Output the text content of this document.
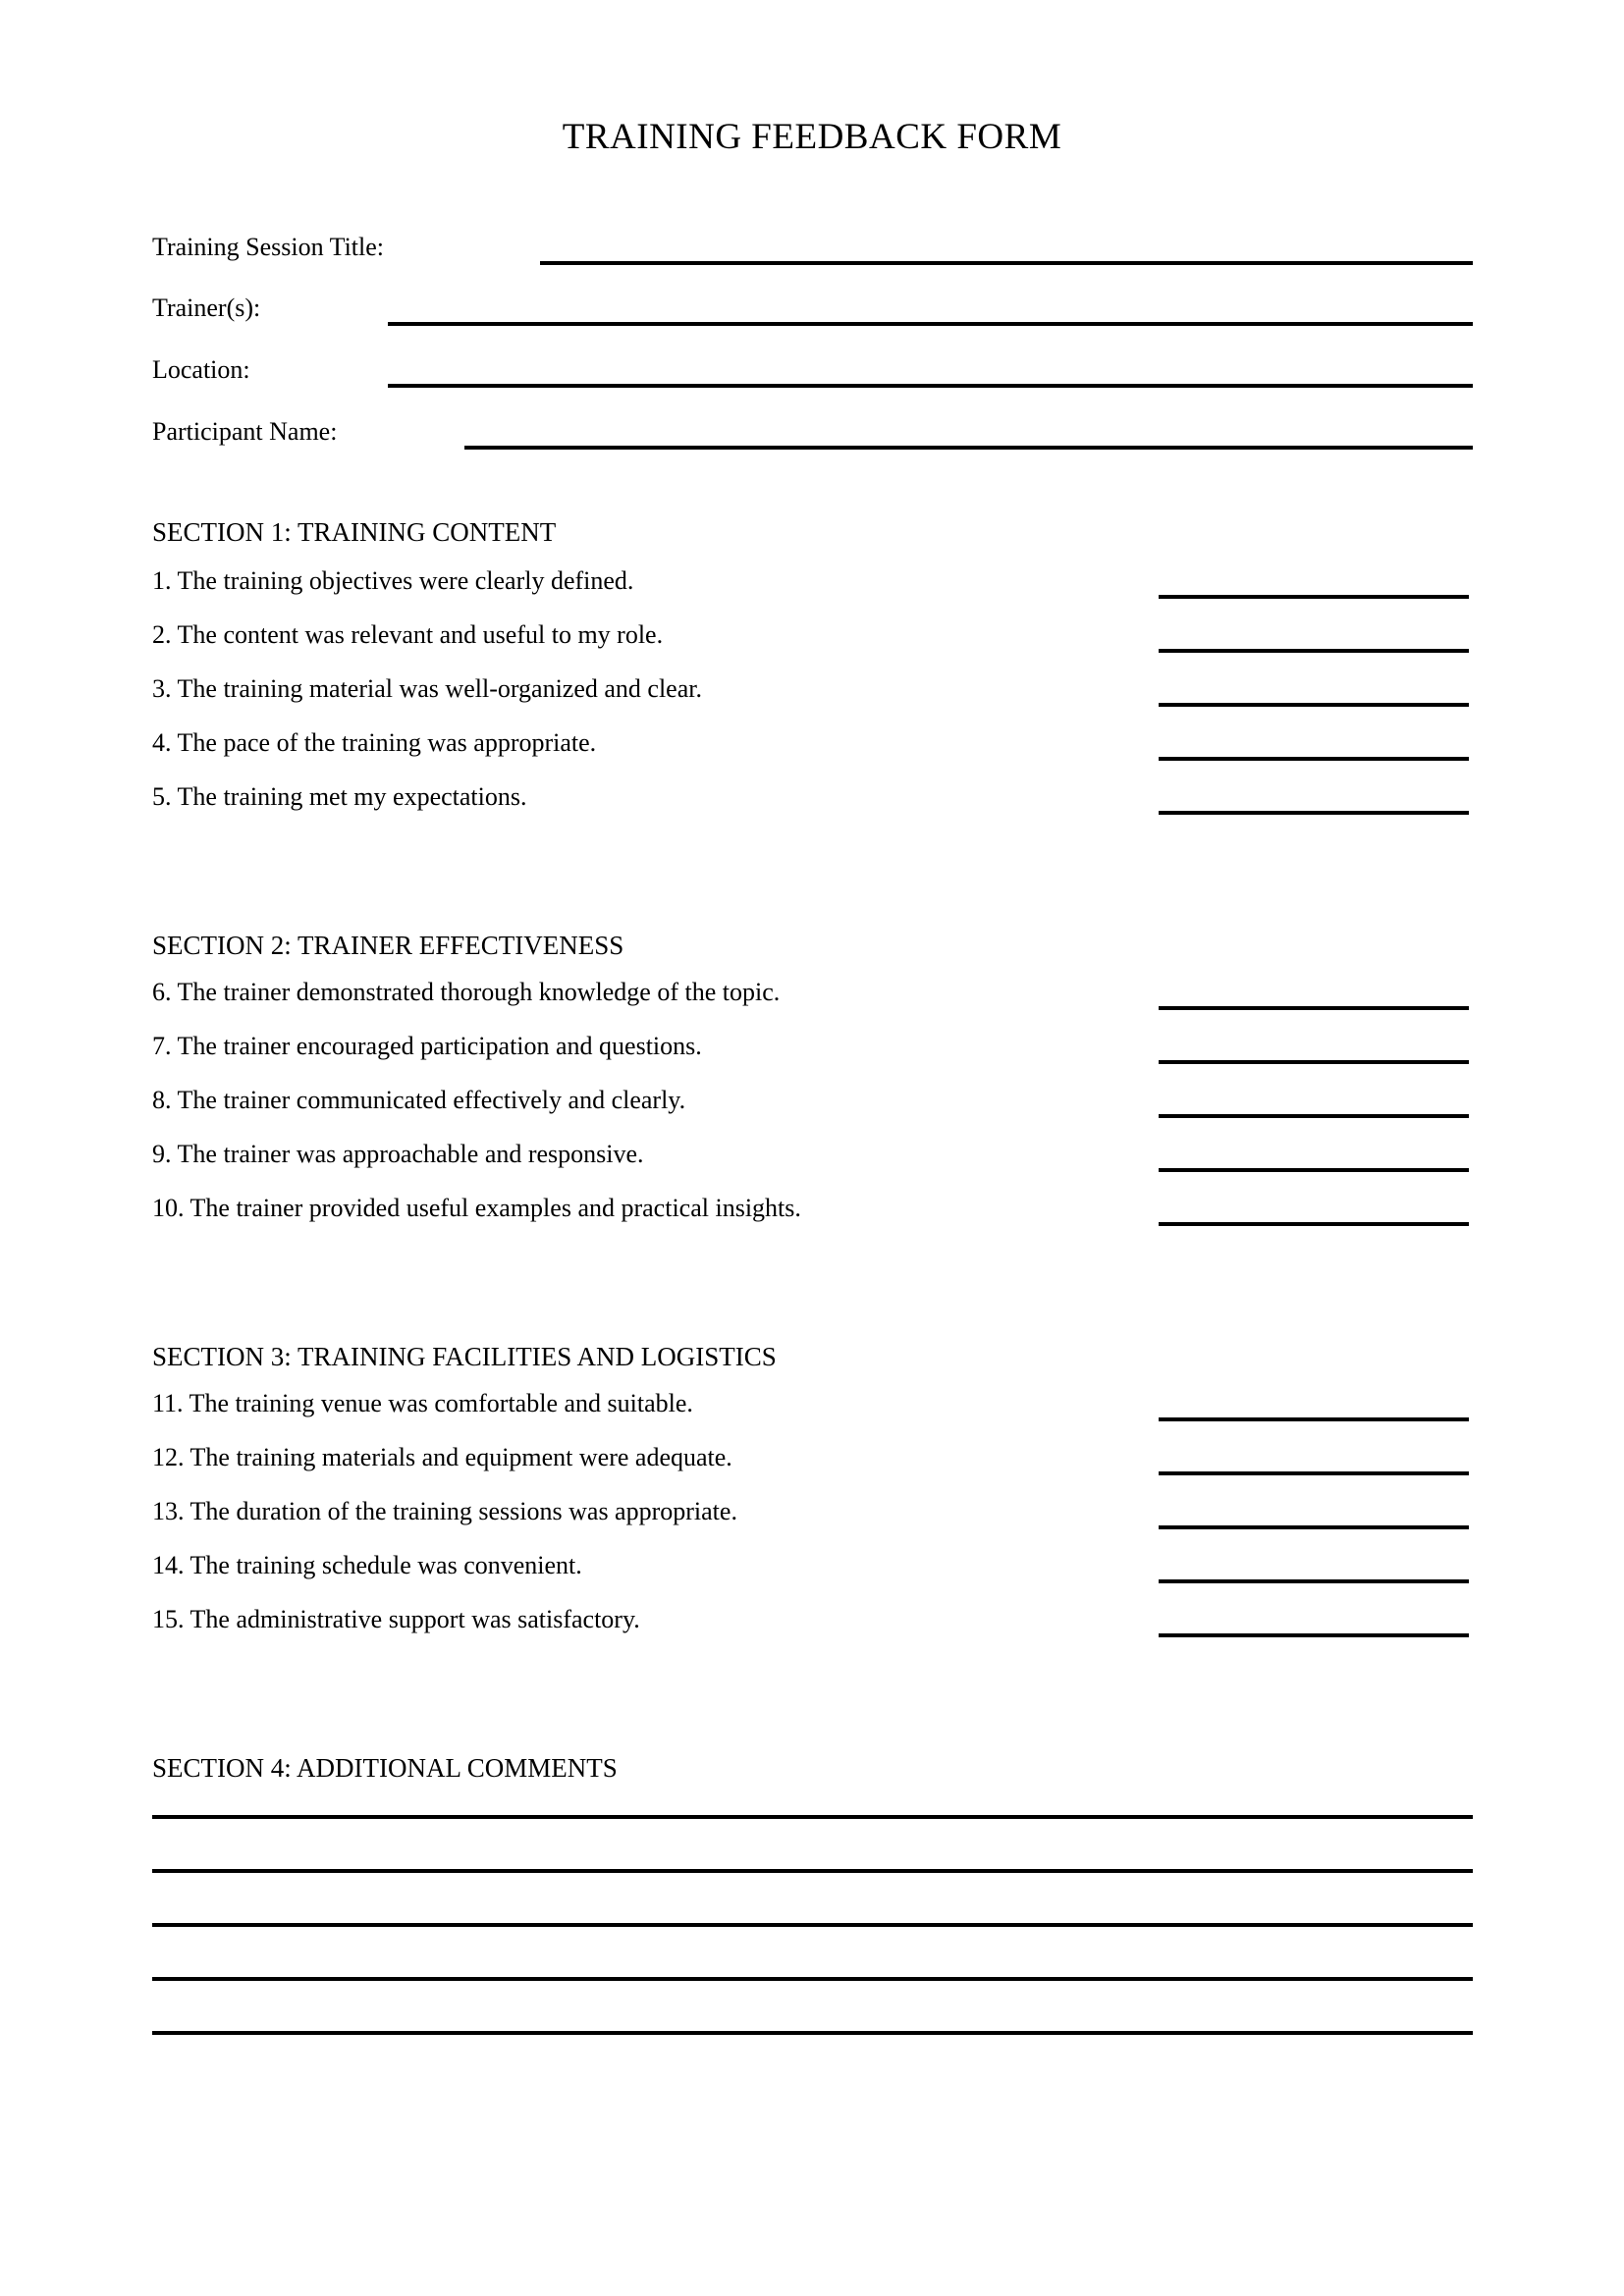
TRAINING FEEDBACK FORM
Training Session Title:
Trainer(s):
Location:
Participant Name:
SECTION 1: TRAINING CONTENT
1. The training objectives were clearly defined.
2. The content was relevant and useful to my role.
3. The training material was well-organized and clear.
4. The pace of the training was appropriate.
5. The training met my expectations.
SECTION 2: TRAINER EFFECTIVENESS
6. The trainer demonstrated thorough knowledge of the topic.
7. The trainer encouraged participation and questions.
8. The trainer communicated effectively and clearly.
9. The trainer was approachable and responsive.
10. The trainer provided useful examples and practical insights.
SECTION 3: TRAINING FACILITIES AND LOGISTICS
11. The training venue was comfortable and suitable.
12. The training materials and equipment were adequate.
13. The duration of the training sessions was appropriate.
14. The training schedule was convenient.
15. The administrative support was satisfactory.
SECTION 4: ADDITIONAL COMMENTS
